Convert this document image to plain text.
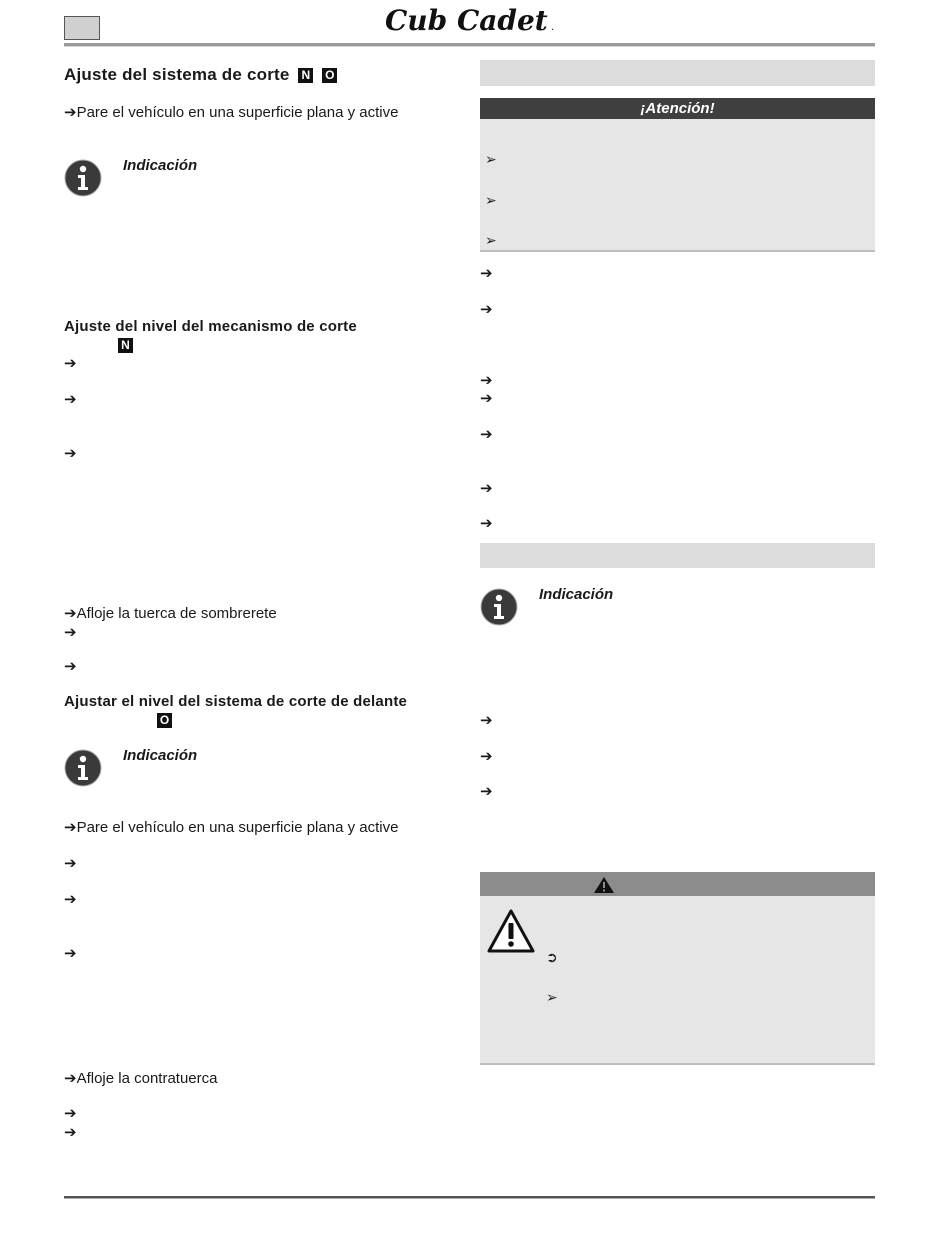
Cub Cadet .
Ajuste del sistema de corte N O
➔Pare el vehículo en una superficie plana y active
Indicación
Ajuste del nivel del mecanismo de corte
N
➔
➔
➔
➔Afloje la tuerca de sombrerete
➔
➔
Ajustar el nivel del sistema de corte de delante
O
Indicación
➔Pare el vehículo en una superficie plana y active
➔
➔
➔
➔Afloje la contratuerca
➔
➔
¡Atención!
➢
➢
➢
➔
➔
➔
➔
➔
➔
➔
Indicación
➔
➔
➔
➲
➢
